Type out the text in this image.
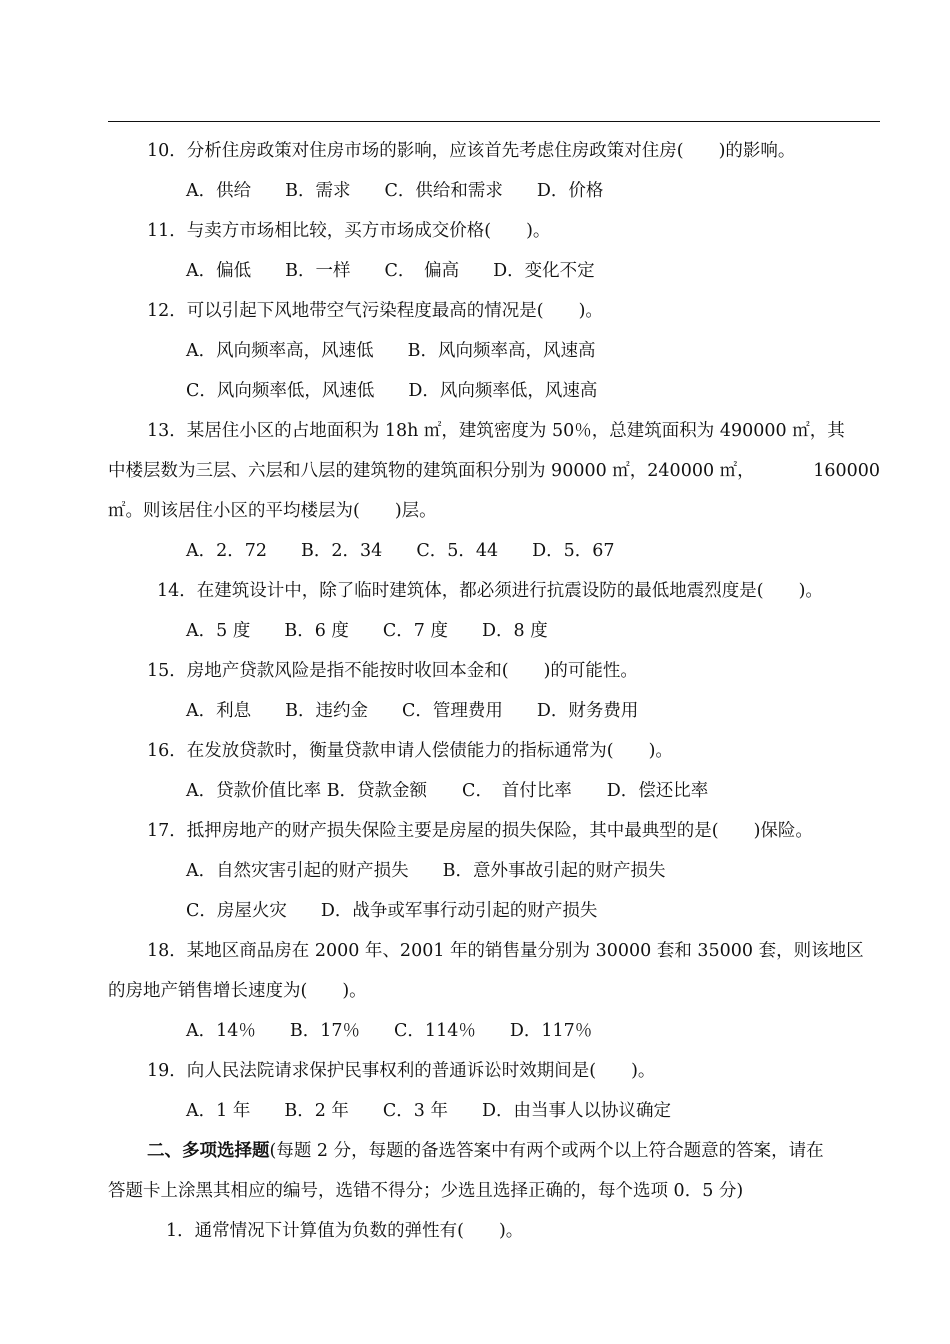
10．分析住房政策对住房市场的影响，应该首先考虑住房政策对住房(　　)的影响。
A．供给 B．需求 C．供给和需求 D．价格
11．与卖方市场相比较，买方市场成交价格(　　)。
A．偏低 B．一样 C．　偏高 D．变化不定
12．可以引起下风地带空气污染程度最高的情况是(　　)。
A．风向频率高，风速低 B．风向频率高，风速高
C．风向频率低，风速低 D．风向频率低，风速高
13．某居住小区的占地面积为 18h ㎡，建筑密度为 50％，总建筑面积为 490000 ㎡，其
中楼层数为三层、六层和八层的建筑物的建筑面积分别为 90000 ㎡，240000 ㎡，	160000
㎡。则该居住小区的平均楼层为(　　)层。
A．2．72 B．2．34 C．5．44 D．5．67
14．在建筑设计中，除了临时建筑体，都必须进行抗震设防的最低地震烈度是(　　)。
A．5 度 B．6 度 C．7 度 D．8 度
15．房地产贷款风险是指不能按时收回本金和(　　)的可能性。
A．利息 B．违约金 C．管理费用 D．财务费用
16．在发放贷款时，衡量贷款申请人偿债能力的指标通常为(　　)。
A．贷款价值比率 B．贷款金额　　C．　首付比率　　D．偿还比率
17．抵押房地产的财产损失保险主要是房屋的损失保险，其中最典型的是(　　)保险。
A．自然灾害引起的财产损失 B．意外事故引起的财产损失
C．房屋火灾 D．战争或军事行动引起的财产损失
18．某地区商品房在 2000 年、2001 年的销售量分别为 30000 套和 35000 套，则该地区
的房地产销售增长速度为(　　)。
A．14％ B．17％ C．114％ D．117％
19．向人民法院请求保护民事权利的普通诉讼时效期间是(　　)。
A．1 年 B．2 年 C．3 年 D．由当事人以协议确定
二、多项选择题(每题 2 分，每题的备选答案中有两个或两个以上符合题意的答案，请在
答题卡上涂黑其相应的编号，选错不得分；少选且选择正确的，每个选项 0．5 分)
1．通常情况下计算值为负数的弹性有(　　)。
